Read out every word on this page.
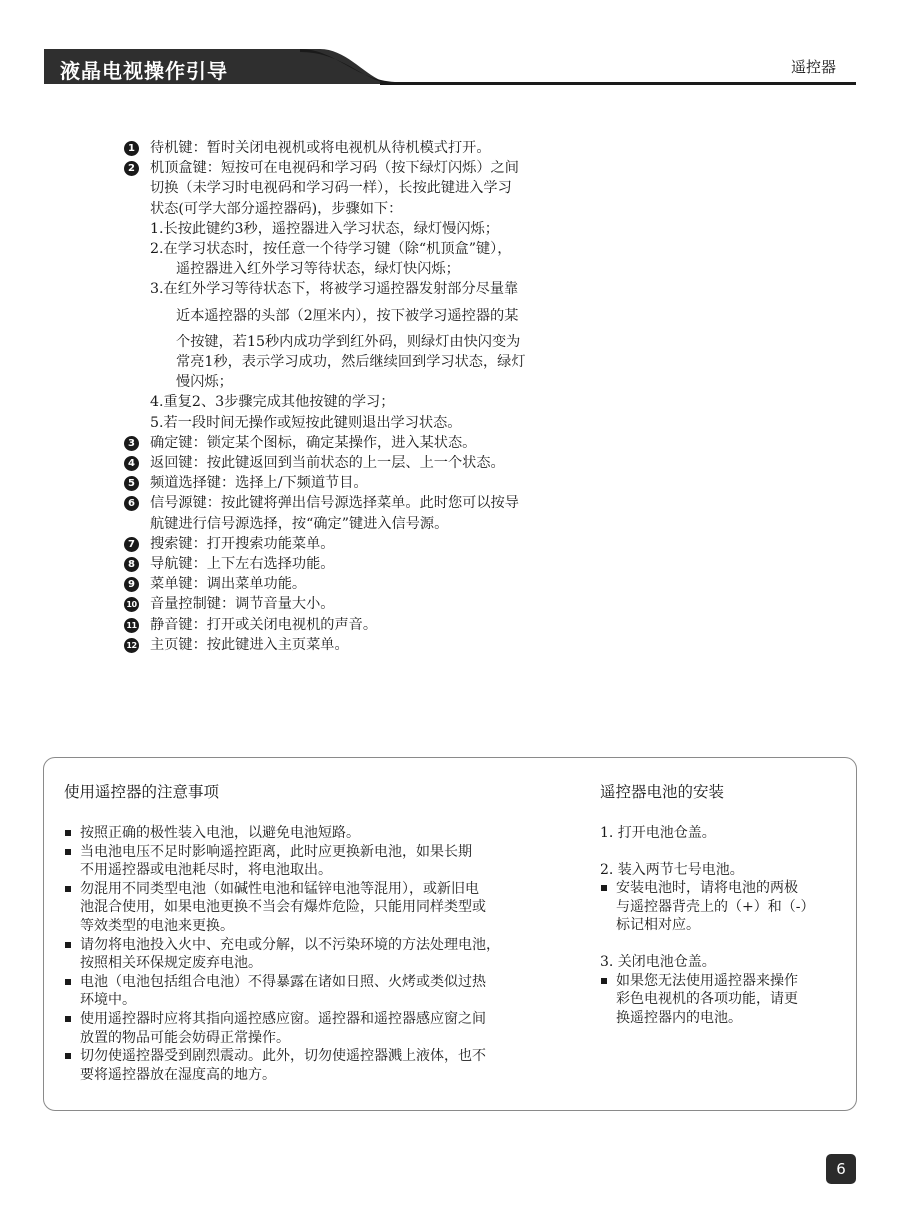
液晶电视操作引导	遥控器
1 待机键：暂时关闭电视机或将电视机从待机模式打开。
2 机顶盒键：短按可在电视码和学习码（按下绿灯闪烁）之间
切换（未学习时电视码和学习码一样），长按此键进入学习
状态(可学大部分遥控器码)，步骤如下：
1.长按此键约3秒，遥控器进入学习状态，绿灯慢闪烁；
2.在学习状态时，按任意一个待学习键（除“机顶盒”键），
遥控器进入红外学习等待状态，绿灯快闪烁；
3.在红外学习等待状态下，将被学习遥控器发射部分尽量靠
近本遥控器的头部（2厘米内），按下被学习遥控器的某
个按键，若15秒内成功学到红外码，则绿灯由快闪变为
常亮1秒，表示学习成功，然后继续回到学习状态，绿灯
慢闪烁；
4.重复2、3步骤完成其他按键的学习；
5.若一段时间无操作或短按此键则退出学习状态。
3 确定键：锁定某个图标，确定某操作，进入某状态。
4 返回键：按此键返回到当前状态的上一层、上一个状态。
5 频道选择键：选择上/下频道节目。
6 信号源键：按此键将弹出信号源选择菜单。此时您可以按导
航键进行信号源选择，按“确定”键进入信号源。
7 搜索键：打开搜索功能菜单。
8 导航键：上下左右选择功能。
9 菜单键：调出菜单功能。
10 音量控制键：调节音量大小。
11 静音键：打开或关闭电视机的声音。
12 主页键：按此键进入主页菜单。
使用遥控器的注意事项
按照正确的极性装入电池，以避免电池短路。
当电池电压不足时影响遥控距离，此时应更换新电池，如果长期
不用遥控器或电池耗尽时，将电池取出。
勿混用不同类型电池（如碱性电池和锰锌电池等混用），或新旧电
池混合使用，如果电池更换不当会有爆炸危险，只能用同样类型或
等效类型的电池来更换。
请勿将电池投入火中、充电或分解，以不污染环境的方法处理电池，
按照相关环保规定废弃电池。
电池（电池包括组合电池）不得暴露在诸如日照、火烤或类似过热
环境中。
使用遥控器时应将其指向遥控感应窗。遥控器和遥控器感应窗之间
放置的物品可能会妨碍正常操作。
切勿使遥控器受到剧烈震动。此外，切勿使遥控器溅上液体，也不
要将遥控器放在湿度高的地方。
遥控器电池的安装
1. 打开电池仓盖。
2. 装入两节七号电池。
安装电池时，请将电池的两极
与遥控器背壳上的（+）和（-）
标记相对应。
3. 关闭电池仓盖。
如果您无法使用遥控器来操作
彩色电视机的各项功能，请更
换遥控器内的电池。
6
